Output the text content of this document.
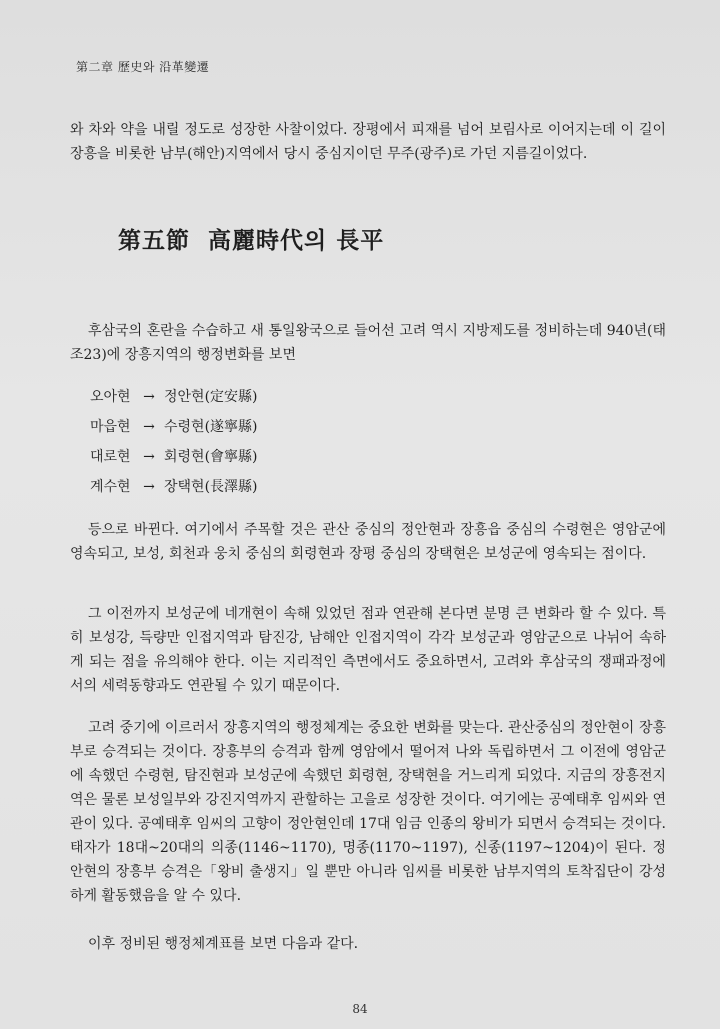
第二章 歷史와 沿革變遷

와 차와 약을 내릴 정도로 성장한 사찰이었다. 장평에서 피재를 넘어 보림사로 이어지는데 이 길이 장흥을 비롯한 남부(해안)지역에서 당시 중심지이던 무주(광주)로 가던 지름길이었다.

第五節 高麗時代의 長平

후삼국의 혼란을 수습하고 새 통일왕국으로 들어선 고려 역시 지방제도를 정비하는데 940년(태조23)에 장흥지역의 행정변화를 보면

오아현 → 정안현(定安縣)
마읍현 → 수령현(遂寧縣)
대로현 → 회령현(會寧縣)
계수현 → 장택현(長澤縣)

등으로 바뀐다. 여기에서 주목할 것은 관산 중심의 정안현과 장흥읍 중심의 수령현은 영암군에 영속되고, 보성, 회천과 웅치 중심의 회령현과 장평 중심의 장택현은 보성군에 영속되는 점이다.

그 이전까지 보성군에 네개현이 속해 있었던 점과 연관해 본다면 분명 큰 변화라 할 수 있다. 특히 보성강, 득량만 인접지역과 탐진강, 남해안 인접지역이 각각 보성군과 영암군으로 나뉘어 속하게 되는 점을 유의해야 한다. 이는 지리적인 측면에서도 중요하면서, 고려와 후삼국의 쟁패과정에서의 세력동향과도 연관될 수 있기 때문이다.

고려 중기에 이르러서 장흥지역의 행정체계는 중요한 변화를 맞는다. 관산중심의 정안현이 장흥부로 승격되는 것이다. 장흥부의 승격과 함께 영암에서 떨어져 나와 독립하면서 그 이전에 영암군에 속했던 수령현, 탐진현과 보성군에 속했던 회령현, 장택현을 거느리게 되었다. 지금의 장흥전지역은 물론 보성일부와 강진지역까지 관할하는 고을로 성장한 것이다. 여기에는 공예태후 임씨와 연관이 있다. 공예태후 임씨의 고향이 정안현인데 17대 임금 인종의 왕비가 되면서 승격되는 것이다. 태자가 18대~20대의 의종(1146~1170), 명종(1170~1197), 신종(1197~1204)이 된다. 정안현의 장흥부 승격은「왕비 출생지」일 뿐만 아니라 임씨를 비롯한 남부지역의 토착집단이 강성하게 활동했음을 알 수 있다.

이후 정비된 행정체계표를 보면 다음과 같다.

84
